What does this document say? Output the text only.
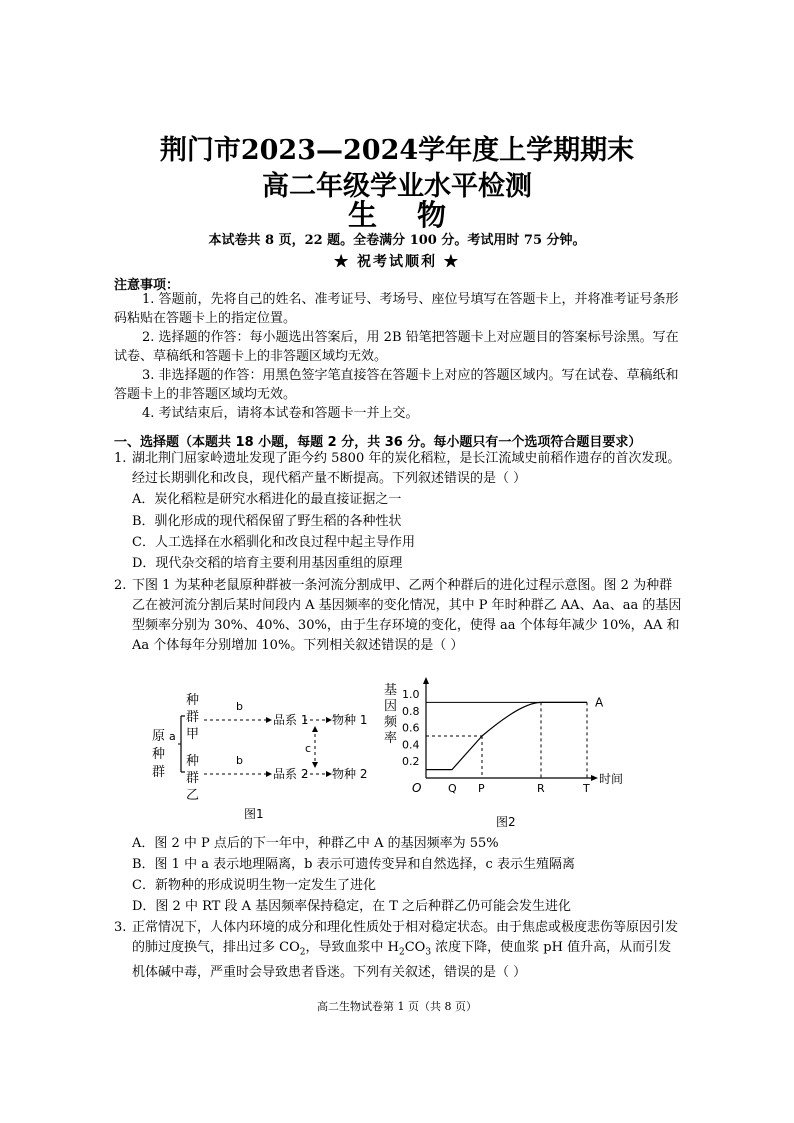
荆门市2023—2024学年度上学期期末
高二年级学业水平检测
生物
本试卷共 8 页，22 题。全卷满分 100 分。考试用时 75 分钟。
★ 祝考试顺利 ★
注意事项：

1. 答题前，先将自己的姓名、准考证号、考场号、座位号填写在答题卡上，并将准考证号条形码粘贴在答题卡上的指定位置。

2. 选择题的作答：每小题选出答案后，用 2B 铅笔把答题卡上对应题目的答案标号涂黑。写在试卷、草稿纸和答题卡上的非答题区域均无效。

3. 非选择题的作答：用黑色签字笔直接答在答题卡上对应的答题区域内。写在试卷、草稿纸和答题卡上的非答题区域均无效。

4. 考试结束后，请将本试卷和答题卡一并上交。

一、选择题（本题共 18 小题，每题 2 分，共 36 分。每小题只有一个选项符合题目要求）
1. 湖北荆门屈家岭遗址发现了距今约 5800 年的炭化稻粒，是长江流域史前稻作遗存的首次发现。经过长期驯化和改良，现代稻产量不断提高。下列叙述错误的是（ ）
A．炭化稻粒是研究水稻进化的最直接证据之一
B．驯化形成的现代稻保留了野生稻的各种性状
C．人工选择在水稻驯化和改良过程中起主导作用
D．现代杂交稻的培育主要利用基因重组的原理
2. 下图 1 为某种老鼠原种群被一条河流分割成甲、乙两个种群后的进化过程示意图。图 2 为种群乙在被河流分割后某时间段内 A 基因频率的变化情况，其中 P 年时种群乙 AA、Aa、aa 的基因型频率分别为 30%、40%、30%，由于生存环境的变化，使得 aa 个体每年减少 10%，AA 和 Aa 个体每年分别增加 10%。下列相关叙述错误的是（ ）
原
种
群
a
种
群
甲
种
群
乙
b
品系 1 物种 1
b
品系 2 物种 2
c
图1
基
因
频
率
1.0
0.8
0.6
0.4
0.2
Q P	R	T
O
时间
A
图2
A．图 2 中 P 点后的下一年中，种群乙中 A 的基因频率为 55%
B．图 1 中 a 表示地理隔离，b 表示可遗传变异和自然选择，c 表示生殖隔离
C．新物种的形成说明生物一定发生了进化
D．图 2 中 RT 段 A 基因频率保持稳定，在 T 之后种群乙仍可能会发生进化
3. 正常情况下，人体内环境的成分和理化性质处于相对稳定状态。由于焦虑或极度悲伤等原因引发的肺过度换气，排出过多 $CO_2$，导致血浆中 $H_2CO_3$ 浓度下降，使血浆 pH 值升高，从而引发机体碱中毒，严重时会导致患者昏迷。下列有关叙述，错误的是（ ）
高二生物试卷第 1 页（共 8 页）
